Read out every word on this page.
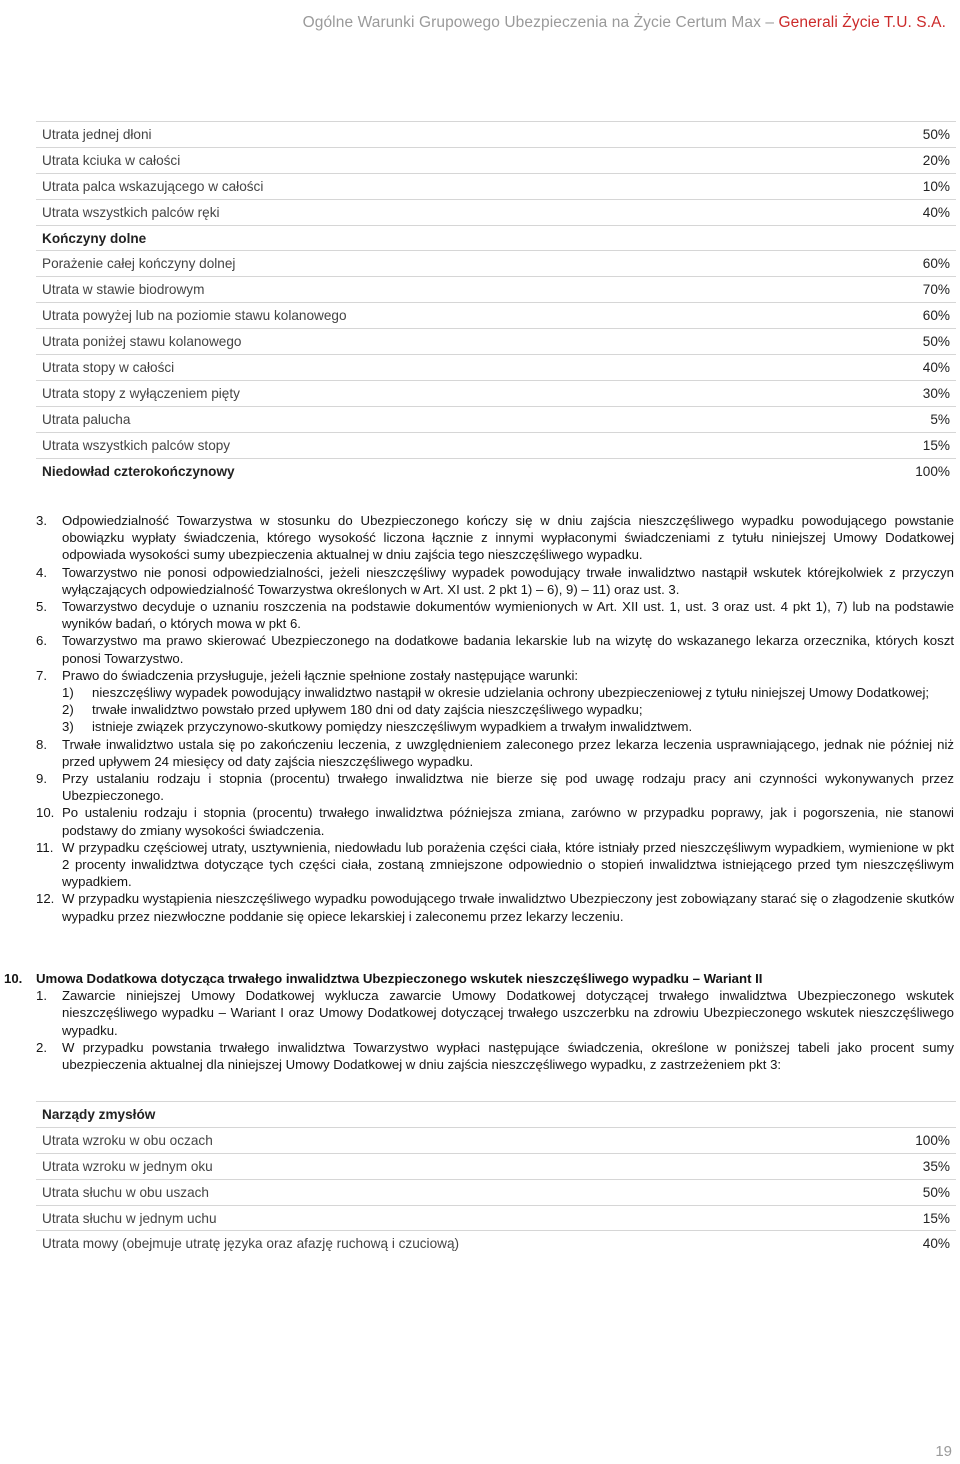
Ogólne Warunki Grupowego Ubezpieczenia na Życie Certum Max – Generali Życie T.U. S.A.
Utrata jednej dłoni	50%
Utrata kciuka w całości	20%
Utrata palca wskazującego w całości	10%
Utrata wszystkich palców ręki	40%
Kończyny dolne
Porażenie całej kończyny dolnej	60%
Utrata w stawie biodrowym	70%
Utrata powyżej lub na poziomie stawu kolanowego	60%
Utrata poniżej stawu kolanowego	50%
Utrata stopy w całości	40%
Utrata stopy z wyłączeniem pięty	30%
Utrata palucha	5%
Utrata wszystkich palców stopy	15%
Niedowład czterokończynowy	100%
3.	Odpowiedzialność Towarzystwa w stosunku do Ubezpieczonego kończy się w dniu zajścia nieszczęśliwego wypadku powodującego powstanie obowiązku wypłaty świadczenia, którego wysokość liczona łącznie z innymi wypłaconymi świadczeniami z tytułu niniejszej Umowy Dodatkowej odpowiada wysokości sumy ubezpieczenia aktualnej w dniu zajścia tego nieszczęśliwego wypadku.
4.	Towarzystwo nie ponosi odpowiedzialności, jeżeli nieszczęśliwy wypadek powodujący trwałe inwalidztwo nastąpił wskutek którejkolwiek z przyczyn wyłączających odpowiedzialność Towarzystwa określonych w Art. XI ust. 2 pkt 1) – 6), 9) – 11) oraz ust. 3.
5.	Towarzystwo decyduje o uznaniu roszczenia na podstawie dokumentów wymienionych w Art. XII ust. 1, ust. 3 oraz ust. 4 pkt 1), 7) lub na podstawie wyników badań, o których mowa w pkt 6.
6.	Towarzystwo ma prawo skierować Ubezpieczonego na dodatkowe badania lekarskie lub na wizytę do wskazanego lekarza orzecznika, których koszt ponosi Towarzystwo.
7.	Prawo do świadczenia przysługuje, jeżeli łącznie spełnione zostały następujące warunki:
1)	nieszczęśliwy wypadek powodujący inwalidztwo nastąpił w okresie udzielania ochrony ubezpieczeniowej z tytułu niniejszej Umowy Dodatkowej;
2)	trwałe inwalidztwo powstało przed upływem 180 dni od daty zajścia nieszczęśliwego wypadku;
3)	istnieje związek przyczynowo-skutkowy pomiędzy nieszczęśliwym wypadkiem a trwałym inwalidztwem.
8.	Trwałe inwalidztwo ustala się po zakończeniu leczenia, z uwzględnieniem zaleconego przez lekarza leczenia usprawniającego, jednak nie później niż przed upływem 24 miesięcy od daty zajścia nieszczęśliwego wypadku.
9.	Przy ustalaniu rodzaju i stopnia (procentu) trwałego inwalidztwa nie bierze się pod uwagę rodzaju pracy ani czynności wykonywanych przez Ubezpieczonego.
10. Po ustaleniu rodzaju i stopnia (procentu) trwałego inwalidztwa późniejsza zmiana, zarówno w przypadku poprawy, jak i pogorszenia, nie stanowi podstawy do zmiany wysokości świadczenia.
11. W przypadku częściowej utraty, usztywnienia, niedowładu lub porażenia części ciała, które istniały przed nieszczęśliwym wypadkiem, wymienione w pkt 2 procenty inwalidztwa dotyczące tych części ciała, zostaną zmniejszone odpowiednio o stopień inwalidztwa istniejącego przed tym nieszczęśliwym wypadkiem.
12. W przypadku wystąpienia nieszczęśliwego wypadku powodującego trwałe inwalidztwo Ubezpieczony jest zobowiązany starać się o złagodzenie skutków wypadku przez niezwłoczne poddanie się opiece lekarskiej i zaleconemu przez lekarzy leczeniu.
10.	Umowa Dodatkowa dotycząca trwałego inwalidztwa Ubezpieczonego wskutek nieszczęśliwego wypadku – Wariant II
1.	Zawarcie niniejszej Umowy Dodatkowej wyklucza zawarcie Umowy Dodatkowej dotyczącej trwałego inwalidztwa Ubezpieczonego wskutek nieszczęśliwego wypadku – Wariant I oraz Umowy Dodatkowej dotyczącej trwałego uszczerbku na zdrowiu Ubezpieczonego wskutek nieszczęśliwego wypadku.
2.	W przypadku powstania trwałego inwalidztwa Towarzystwo wypłaci następujące świadczenia, określone w poniższej tabeli jako procent sumy ubezpieczenia aktualnej dla niniejszej Umowy Dodatkowej w dniu zajścia nieszczęśliwego wypadku, z zastrzeżeniem pkt 3:
Narządy zmysłów
Utrata wzroku w obu oczach	100%
Utrata wzroku w jednym oku	35%
Utrata słuchu w obu uszach	50%
Utrata słuchu w jednym uchu	15%
Utrata mowy (obejmuje utratę języka oraz afazję ruchową i czuciową)	40%
19
